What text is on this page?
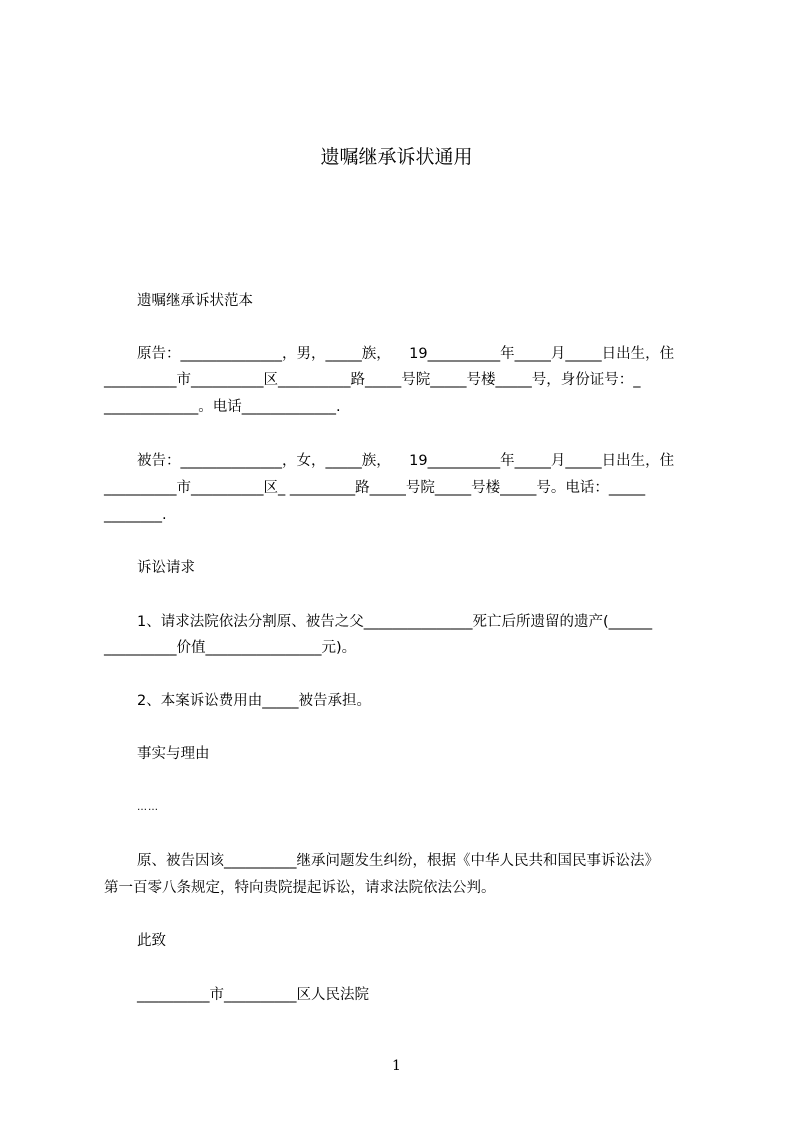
遗嘱继承诉状通用
遗嘱继承诉状范本
原告：______________，男，_____族，    19__________年_____月_____日出生，住
__________市__________区__________路_____号院_____号楼_____号，身份证号：_
_____________。电话_____________.
被告：______________，女，_____族，    19__________年_____月_____日出生，住
__________市__________区_ _________路_____号院_____号楼_____号。电话：_____
________.
诉讼请求
1、请求法院依法分割原、被告之父_______________死亡后所遗留的遗产(______
__________价值________________元)。
2、本案诉讼费用由_____被告承担。
事实与理由
……
原、被告因该__________继承问题发生纠纷，根据《中华人民共和国民事诉讼法》
第一百零八条规定，特向贵院提起诉讼，请求法院依法公判。
此致
__________市__________区人民法院
1
